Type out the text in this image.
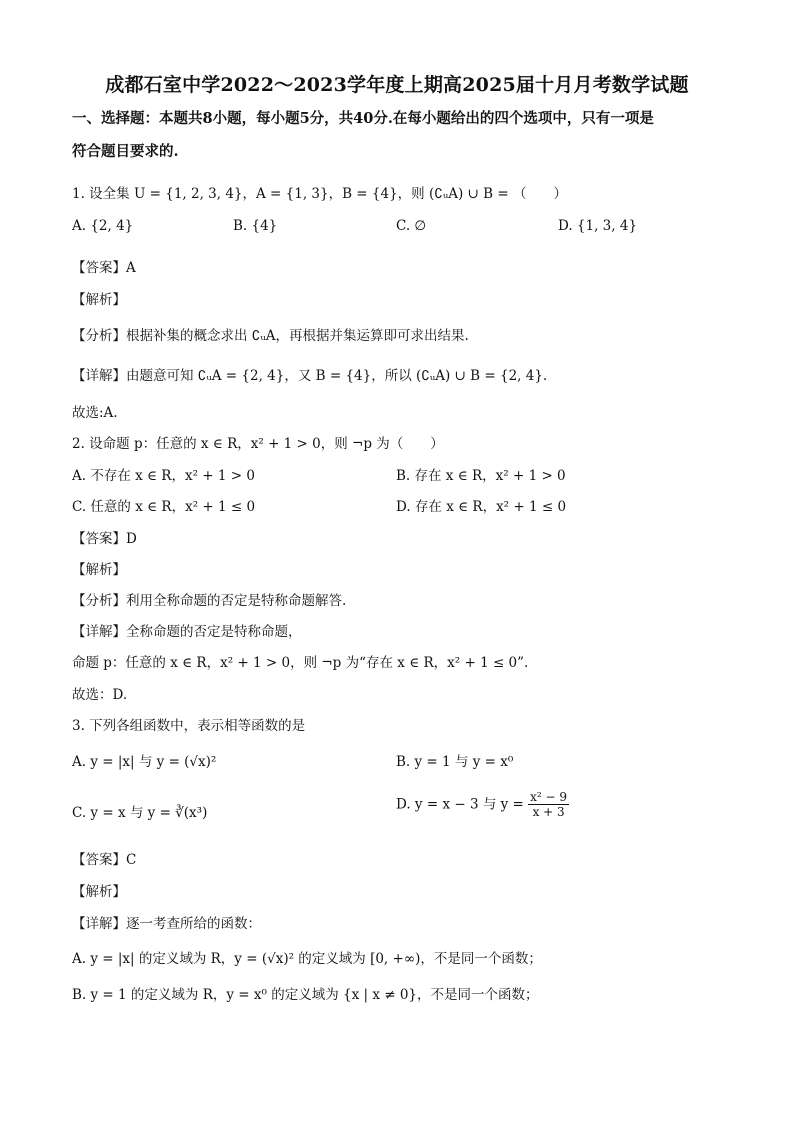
成都石室中学2022～2023学年度上期高2025届十月月考数学试题
一、选择题：本题共8小题，每小题5分，共40分.在每小题给出的四个选项中，只有一项是
符合题目要求的.
1. 设全集 U = {1, 2, 3, 4}，A = {1, 3}，B = {4}，则 (∁ᵤA) ∪ B = （　　）
A. {2, 4}	B. {4}	C. ∅	D. {1, 3, 4}
【答案】A
【解析】
【分析】根据补集的概念求出 ∁ᵤA，再根据并集运算即可求出结果.
【详解】由题意可知 ∁ᵤA = {2, 4}，又 B = {4}，所以 (∁ᵤA) ∪ B = {2, 4}.
故选:A.
2. 设命题 p：任意的 x ∈ R，x² + 1 > 0，则 ¬p 为（　　）
A. 不存在 x ∈ R，x² + 1 > 0	B. 存在 x ∈ R，x² + 1 > 0
C. 任意的 x ∈ R，x² + 1 ≤ 0	D. 存在 x ∈ R，x² + 1 ≤ 0
【答案】D
【解析】
【分析】利用全称命题的否定是特称命题解答.
【详解】全称命题的否定是特称命题，
命题 p：任意的 x ∈ R，x² + 1 > 0，则 ¬p 为“存在 x ∈ R，x² + 1 ≤ 0”.
故选：D.
3. 下列各组函数中，表示相等函数的是
A. y = |x| 与 y = (√x)²	B. y = 1 与 y = x⁰
C. y = x 与 y = ∛(x³)
D. y = x − 3 与 $y = \frac{\text{x² − 9}}{x + 3}$
【答案】C
【解析】
【详解】逐一考查所给的函数：
A. y = |x| 的定义域为 R，y = (√x)² 的定义域为 [0, +∞)，不是同一个函数；
B. y = 1 的定义域为 R，y = x⁰ 的定义域为 {x | x ≠ 0}，不是同一个函数；
